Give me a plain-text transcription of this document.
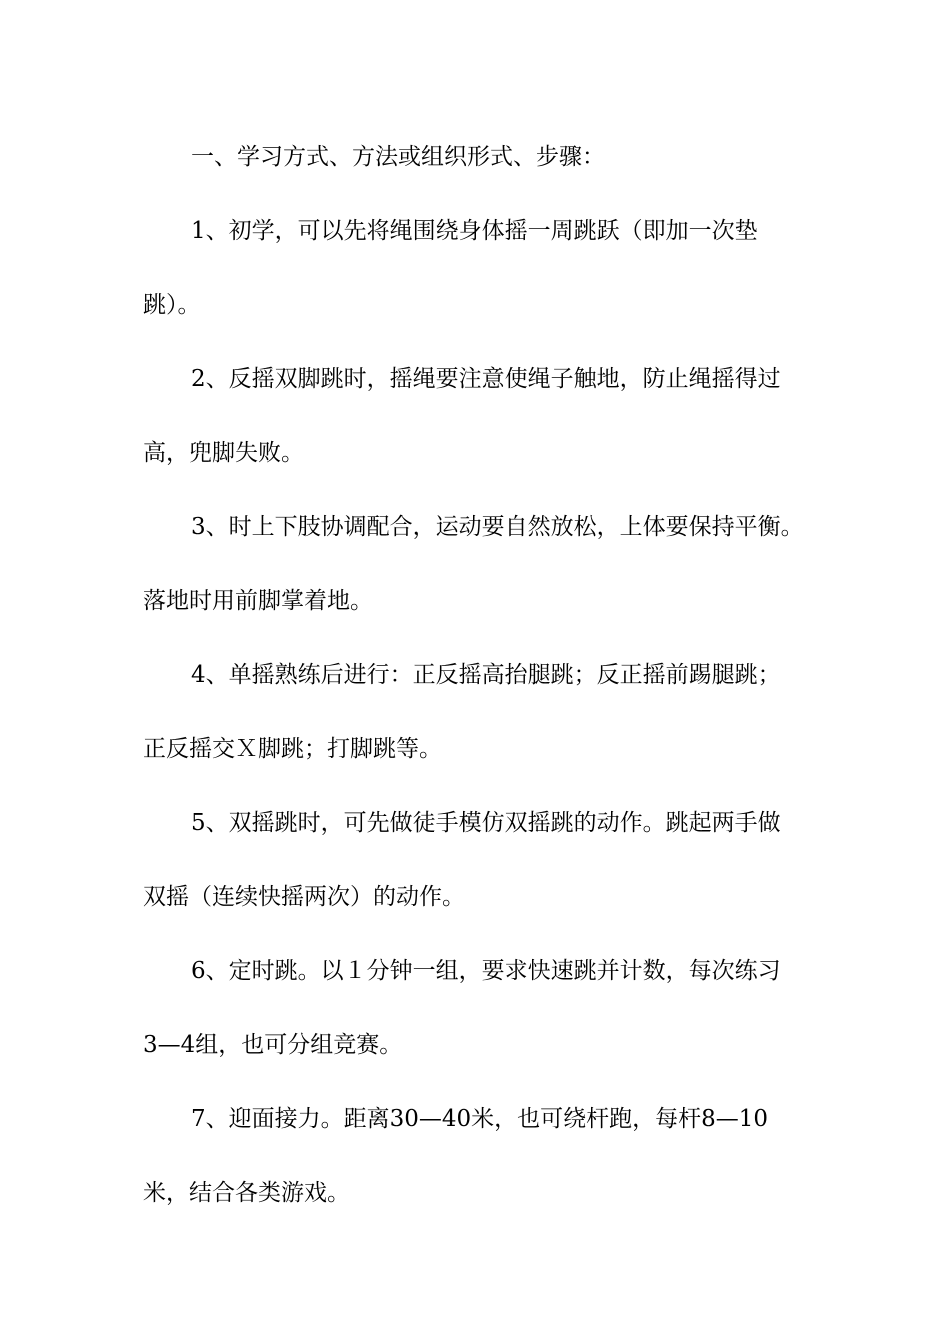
一、学习方式、方法或组织形式、步骤：
1、初学，可以先将绳围绕身体摇一周跳跃（即加一次垫
跳）。
2、反摇双脚跳时，摇绳要注意使绳子触地，防止绳摇得过
高，兜脚失败。
3、时上下肢协调配合，运动要自然放松，上体要保持平衡。
落地时用前脚掌着地。
4、单摇熟练后进行：正反摇高抬腿跳；反正摇前踢腿跳；
正反摇交Ｘ脚跳；打脚跳等。
5、双摇跳时，可先做徒手模仿双摇跳的动作。跳起两手做
双摇（连续快摇两次）的动作。
6、定时跳。以１分钟一组，要求快速跳并计数，每次练习
3—4组，也可分组竞赛。
7、迎面接力。距离30—40米，也可绕杆跑，每杆8—10
米，结合各类游戏。
